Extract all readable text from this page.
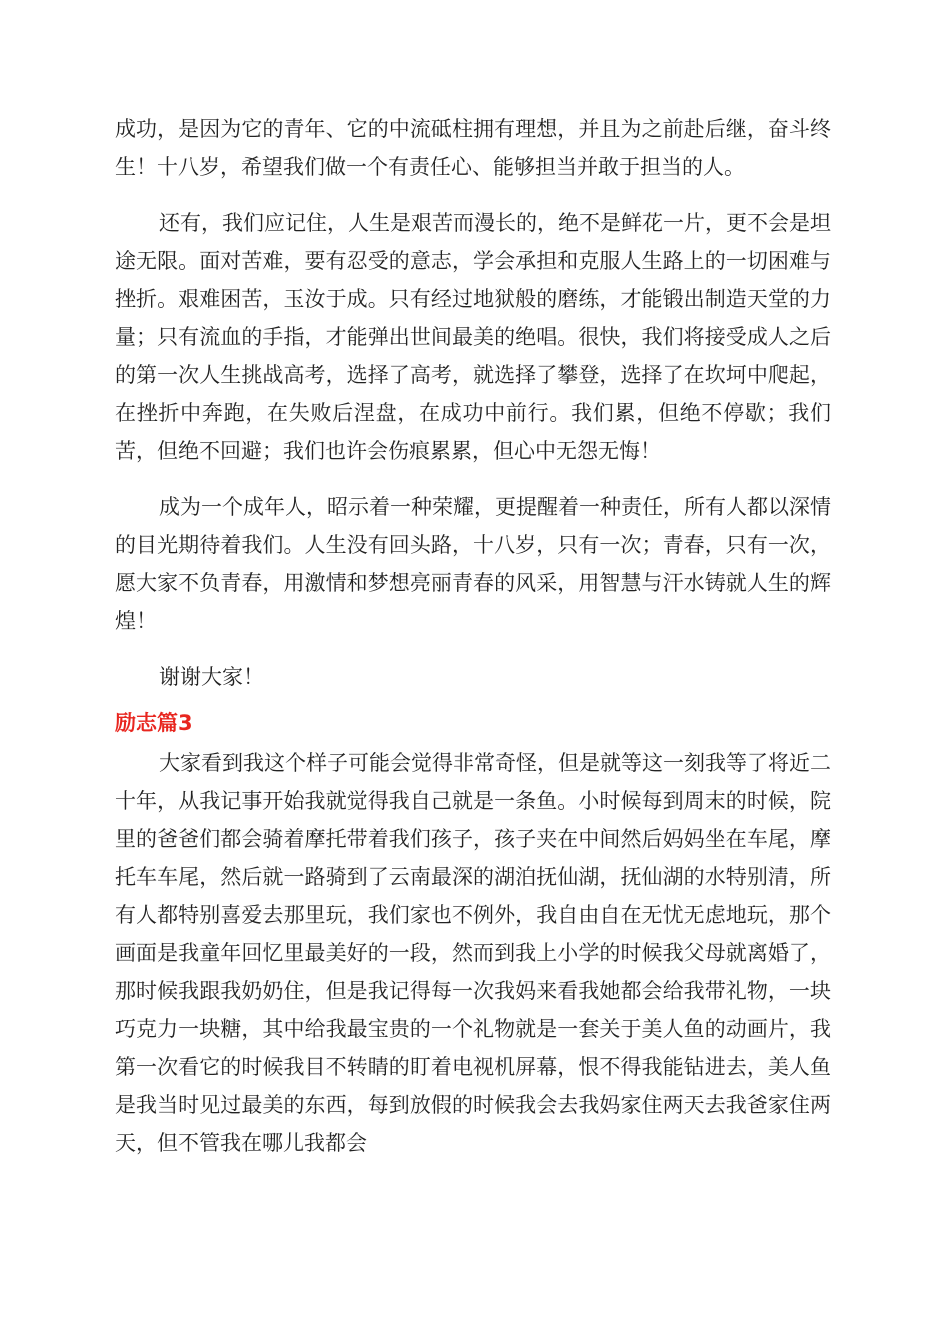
成功，是因为它的青年、它的中流砥柱拥有理想，并且为之前赴后继，奋斗终生！十八岁，希望我们做一个有责任心、能够担当并敢于担当的人。

还有，我们应记住，人生是艰苦而漫长的，绝不是鲜花一片，更不会是坦途无限。面对苦难，要有忍受的意志，学会承担和克服人生路上的一切困难与挫折。艰难困苦，玉汝于成。只有经过地狱般的磨练，才能锻出制造天堂的力量；只有流血的手指，才能弹出世间最美的绝唱。很快，我们将接受成人之后的第一次人生挑战高考，选择了高考，就选择了攀登，选择了在坎坷中爬起，在挫折中奔跑，在失败后涅盘，在成功中前行。我们累，但绝不停歇；我们苦，但绝不回避；我们也许会伤痕累累，但心中无怨无悔！

成为一个成年人，昭示着一种荣耀，更提醒着一种责任，所有人都以深情的目光期待着我们。人生没有回头路，十八岁，只有一次；青春，只有一次，愿大家不负青春，用激情和梦想亮丽青春的风采，用智慧与汗水铸就人生的辉煌！

谢谢大家！

励志篇3

大家看到我这个样子可能会觉得非常奇怪，但是就等这一刻我等了将近二十年，从我记事开始我就觉得我自己就是一条鱼。小时候每到周末的时候，院里的爸爸们都会骑着摩托带着我们孩子，孩子夹在中间然后妈妈坐在车尾，摩托车车尾，然后就一路骑到了云南最深的湖泊抚仙湖，抚仙湖的水特别清，所有人都特别喜爱去那里玩，我们家也不例外，我自由自在无忧无虑地玩，那个画面是我童年回忆里最美好的一段，然而到我上小学的时候我父母就离婚了，那时候我跟我奶奶住，但是我记得每一次我妈来看我她都会给我带礼物，一块巧克力一块糖，其中给我最宝贵的一个礼物就是一套关于美人鱼的动画片，我第一次看它的时候我目不转睛的盯着电视机屏幕，恨不得我能钻进去，美人鱼是我当时见过最美的东西，每到放假的时候我会去我妈家住两天去我爸家住两天，但不管我在哪儿我都会
